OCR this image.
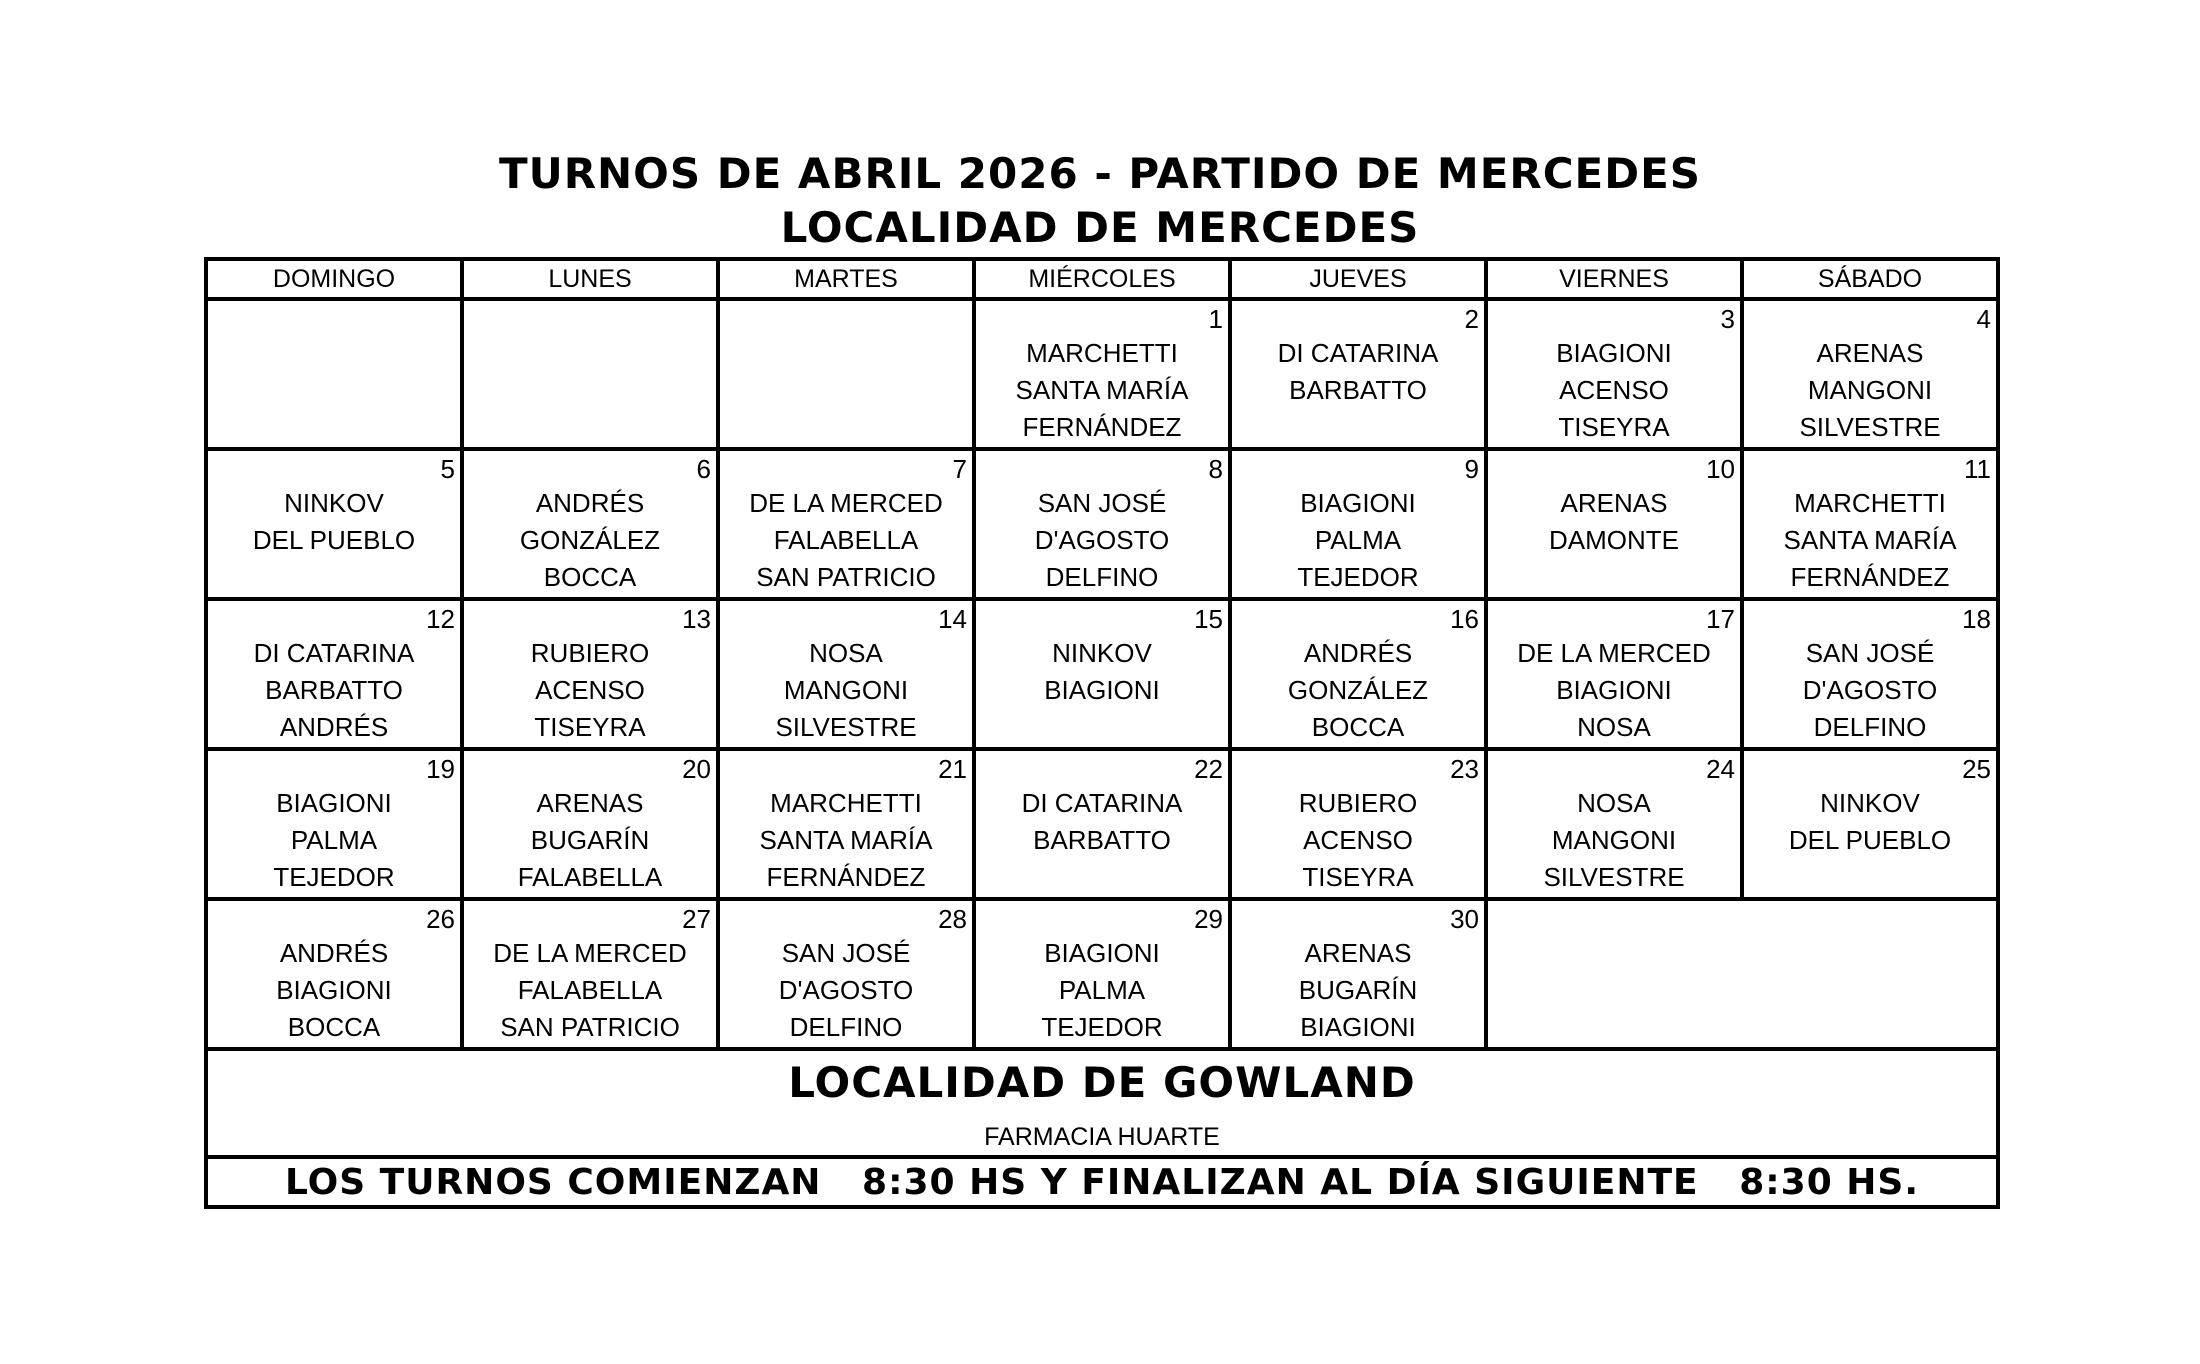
TURNOS DE ABRIL 2026 - PARTIDO DE MERCEDES
LOCALIDAD DE MERCEDES
DOMINGO	LUNES	MARTES	MIÉRCOLES	JUEVES	VIERNES	SÁBADO

			1
MARCHETTI
SANTA MARÍA
FERNÁNDEZ	2
DI CATARINA
BARBATTO	3
BIAGIONI
ACENSO
TISEYRA	4
ARENAS
MANGONI
SILVESTRE

5
NINKOV
DEL PUEBLO	6
ANDRÉS
GONZÁLEZ
BOCCA	7
DE LA MERCED
FALABELLA
SAN PATRICIO	8
SAN JOSÉ
D'AGOSTO
DELFINO	9
BIAGIONI
PALMA
TEJEDOR	10
ARENAS
DAMONTE	11
MARCHETTI
SANTA MARÍA
FERNÁNDEZ

12
DI CATARINA
BARBATTO
ANDRÉS	13
RUBIERO
ACENSO
TISEYRA	14
NOSA
MANGONI
SILVESTRE	15
NINKOV
BIAGIONI	16
ANDRÉS
GONZÁLEZ
BOCCA	17
DE LA MERCED
BIAGIONI
NOSA	18
SAN JOSÉ
D'AGOSTO
DELFINO

19
BIAGIONI
PALMA
TEJEDOR	20
ARENAS
BUGARÍN
FALABELLA	21
MARCHETTI
SANTA MARÍA
FERNÁNDEZ	22
DI CATARINA
BARBATTO	23
RUBIERO
ACENSO
TISEYRA	24
NOSA
MANGONI
SILVESTRE	25
NINKOV
DEL PUEBLO

26
ANDRÉS
BIAGIONI
BOCCA	27
DE LA MERCED
FALABELLA
SAN PATRICIO	28
SAN JOSÉ
D'AGOSTO
DELFINO	29
BIAGIONI
PALMA
TEJEDOR	30
ARENAS
BUGARÍN
BIAGIONI		

LOCALIDAD DE GOWLAND
FARMACIA HUARTE						

LOS TURNOS COMIENZAN   8:30 HS Y FINALIZAN AL DÍA SIGUIENTE   8:30 HS.						
